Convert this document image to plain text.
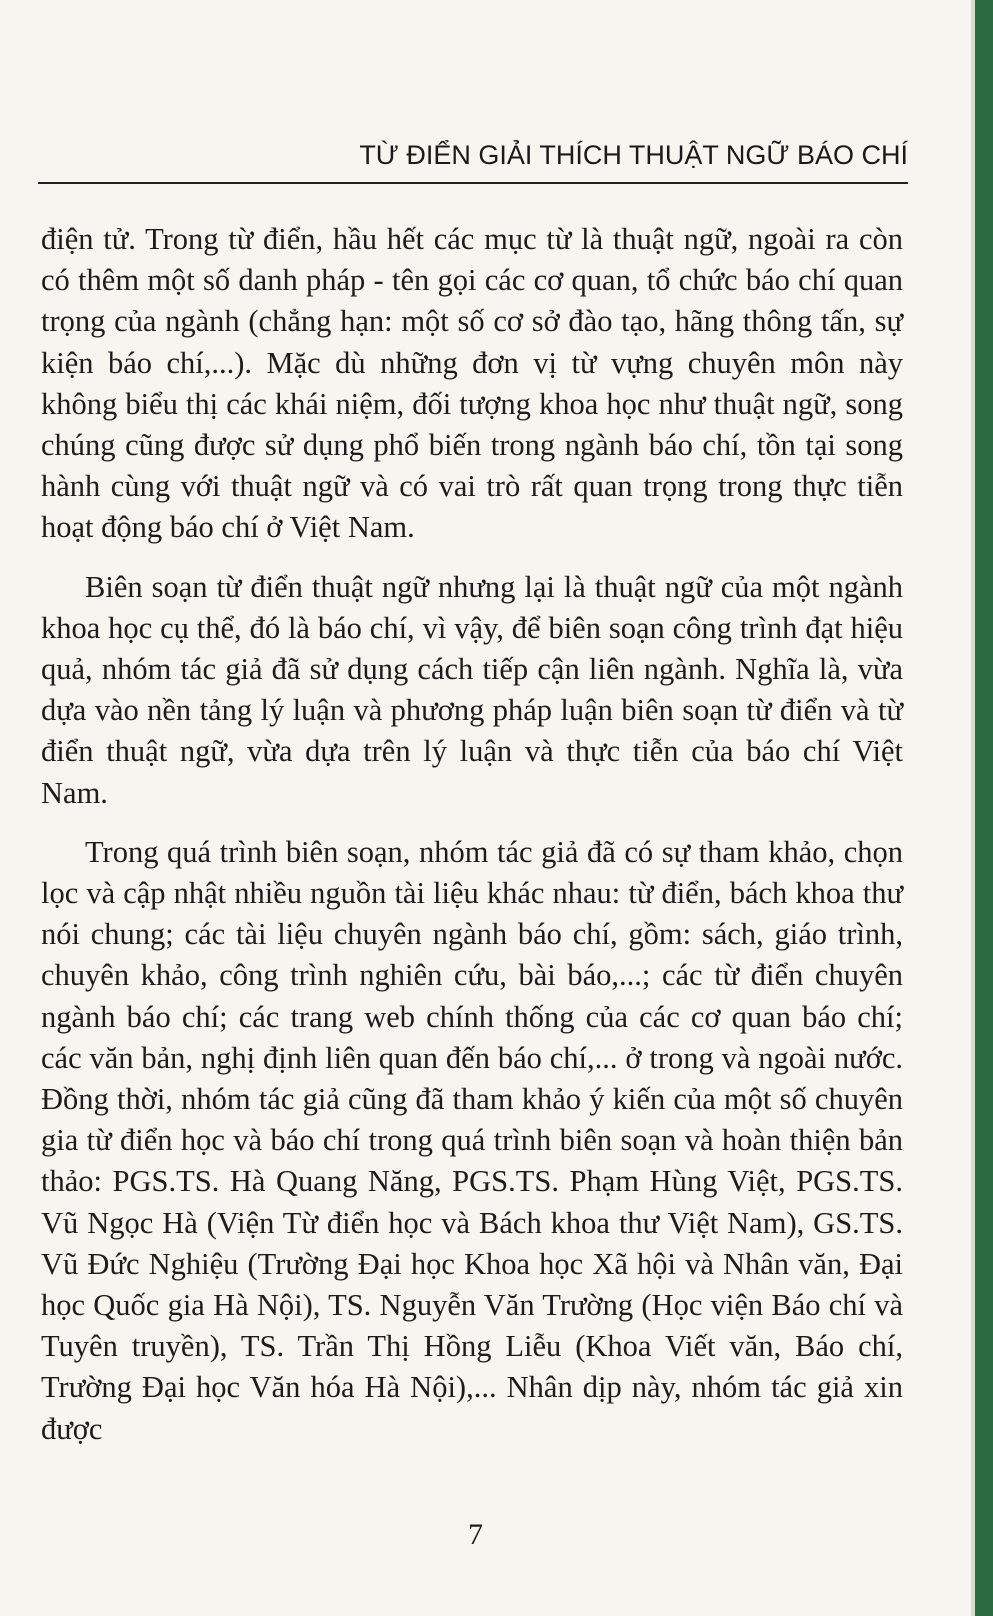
TỪ ĐIỂN GIẢI THÍCH THUẬT NGỮ BÁO CHÍ

điện tử. Trong từ điển, hầu hết các mục từ là thuật ngữ, ngoài ra còn có thêm một số danh pháp - tên gọi các cơ quan, tổ chức báo chí quan trọng của ngành (chẳng hạn: một số cơ sở đào tạo, hãng thông tấn, sự kiện báo chí,...). Mặc dù những đơn vị từ vựng chuyên môn này không biểu thị các khái niệm, đối tượng khoa học như thuật ngữ, song chúng cũng được sử dụng phổ biến trong ngành báo chí, tồn tại song hành cùng với thuật ngữ và có vai trò rất quan trọng trong thực tiễn hoạt động báo chí ở Việt Nam.

Biên soạn từ điển thuật ngữ nhưng lại là thuật ngữ của một ngành khoa học cụ thể, đó là báo chí, vì vậy, để biên soạn công trình đạt hiệu quả, nhóm tác giả đã sử dụng cách tiếp cận liên ngành. Nghĩa là, vừa dựa vào nền tảng lý luận và phương pháp luận biên soạn từ điển và từ điển thuật ngữ, vừa dựa trên lý luận và thực tiễn của báo chí Việt Nam.

Trong quá trình biên soạn, nhóm tác giả đã có sự tham khảo, chọn lọc và cập nhật nhiều nguồn tài liệu khác nhau: từ điển, bách khoa thư nói chung; các tài liệu chuyên ngành báo chí, gồm: sách, giáo trình, chuyên khảo, công trình nghiên cứu, bài báo,...; các từ điển chuyên ngành báo chí; các trang web chính thống của các cơ quan báo chí; các văn bản, nghị định liên quan đến báo chí,... ở trong và ngoài nước. Đồng thời, nhóm tác giả cũng đã tham khảo ý kiến của một số chuyên gia từ điển học và báo chí trong quá trình biên soạn và hoàn thiện bản thảo: PGS.TS. Hà Quang Năng, PGS.TS. Phạm Hùng Việt, PGS.TS. Vũ Ngọc Hà (Viện Từ điển học và Bách khoa thư Việt Nam), GS.TS. Vũ Đức Nghiệu (Trường Đại học Khoa học Xã hội và Nhân văn, Đại học Quốc gia Hà Nội), TS. Nguyễn Văn Trường (Học viện Báo chí và Tuyên truyền), TS. Trần Thị Hồng Liễu (Khoa Viết văn, Báo chí, Trường Đại học Văn hóa Hà Nội),... Nhân dịp này, nhóm tác giả xin được

7
